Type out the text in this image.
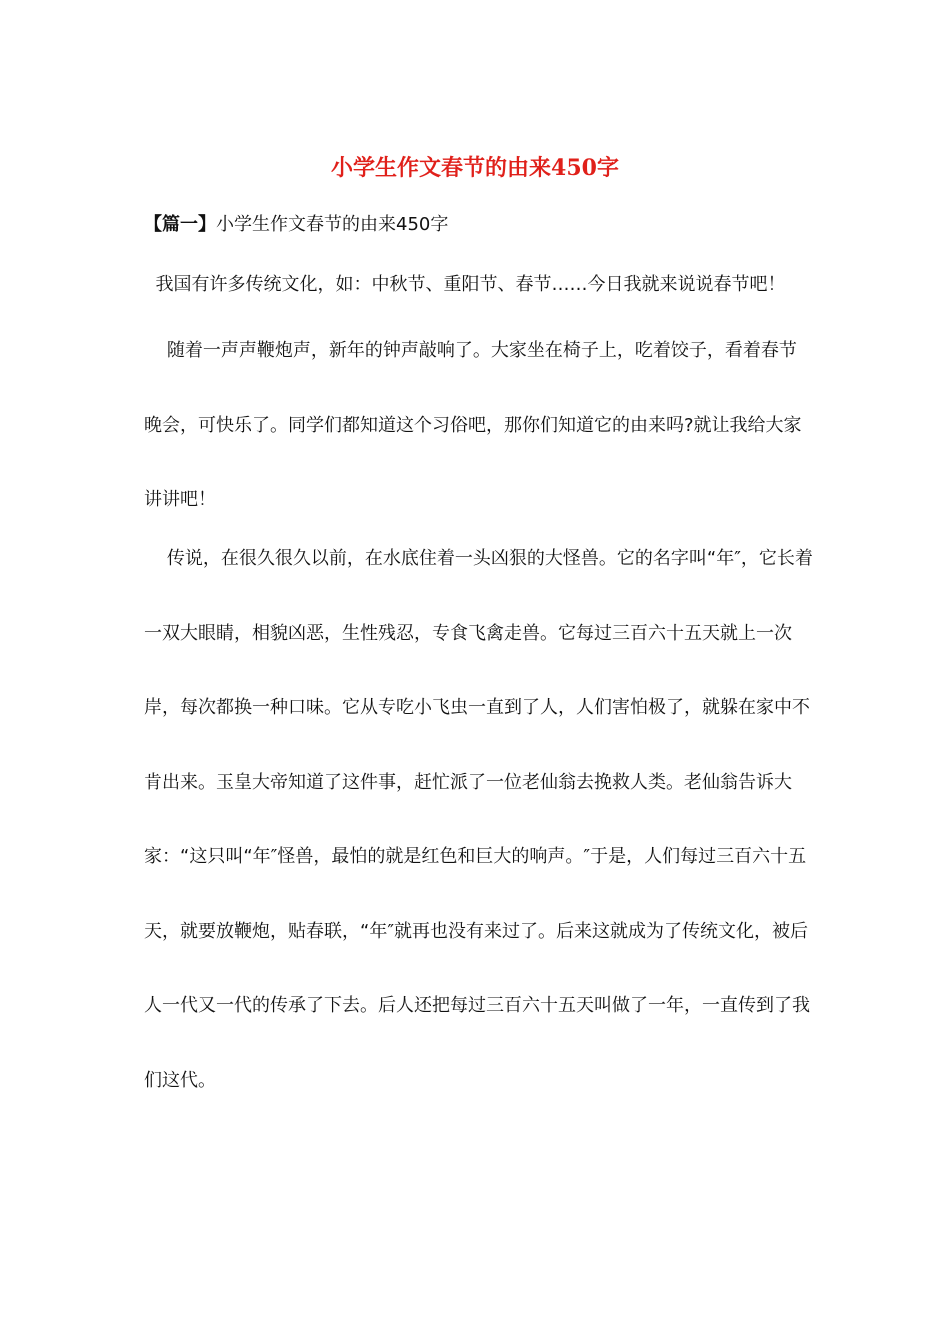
小学生作文春节的由来450字

【篇一】小学生作文春节的由来450字

我国有许多传统文化，如：中秋节、重阳节、春节……今日我就来说说春节吧！

随着一声声鞭炮声，新年的钟声敲响了。大家坐在椅子上，吃着饺子，看着春节晚会，可快乐了。同学们都知道这个习俗吧，那你们知道它的由来吗?就让我给大家讲讲吧！

传说，在很久很久以前，在水底住着一头凶狠的大怪兽。它的名字叫“年″，它长着一双大眼睛，相貌凶恶，生性残忍，专食飞禽走兽。它每过三百六十五天就上一次岸，每次都换一种口味。它从专吃小飞虫一直到了人，人们害怕极了，就躲在家中不肯出来。玉皇大帝知道了这件事，赶忙派了一位老仙翁去挽救人类。老仙翁告诉大家：“这只叫“年″怪兽，最怕的就是红色和巨大的响声。″于是，人们每过三百六十五天，就要放鞭炮，贴春联，“年″就再也没有来过了。后来这就成为了传统文化，被后人一代又一代的传承了下去。后人还把每过三百六十五天叫做了一年，一直传到了我们这代。
